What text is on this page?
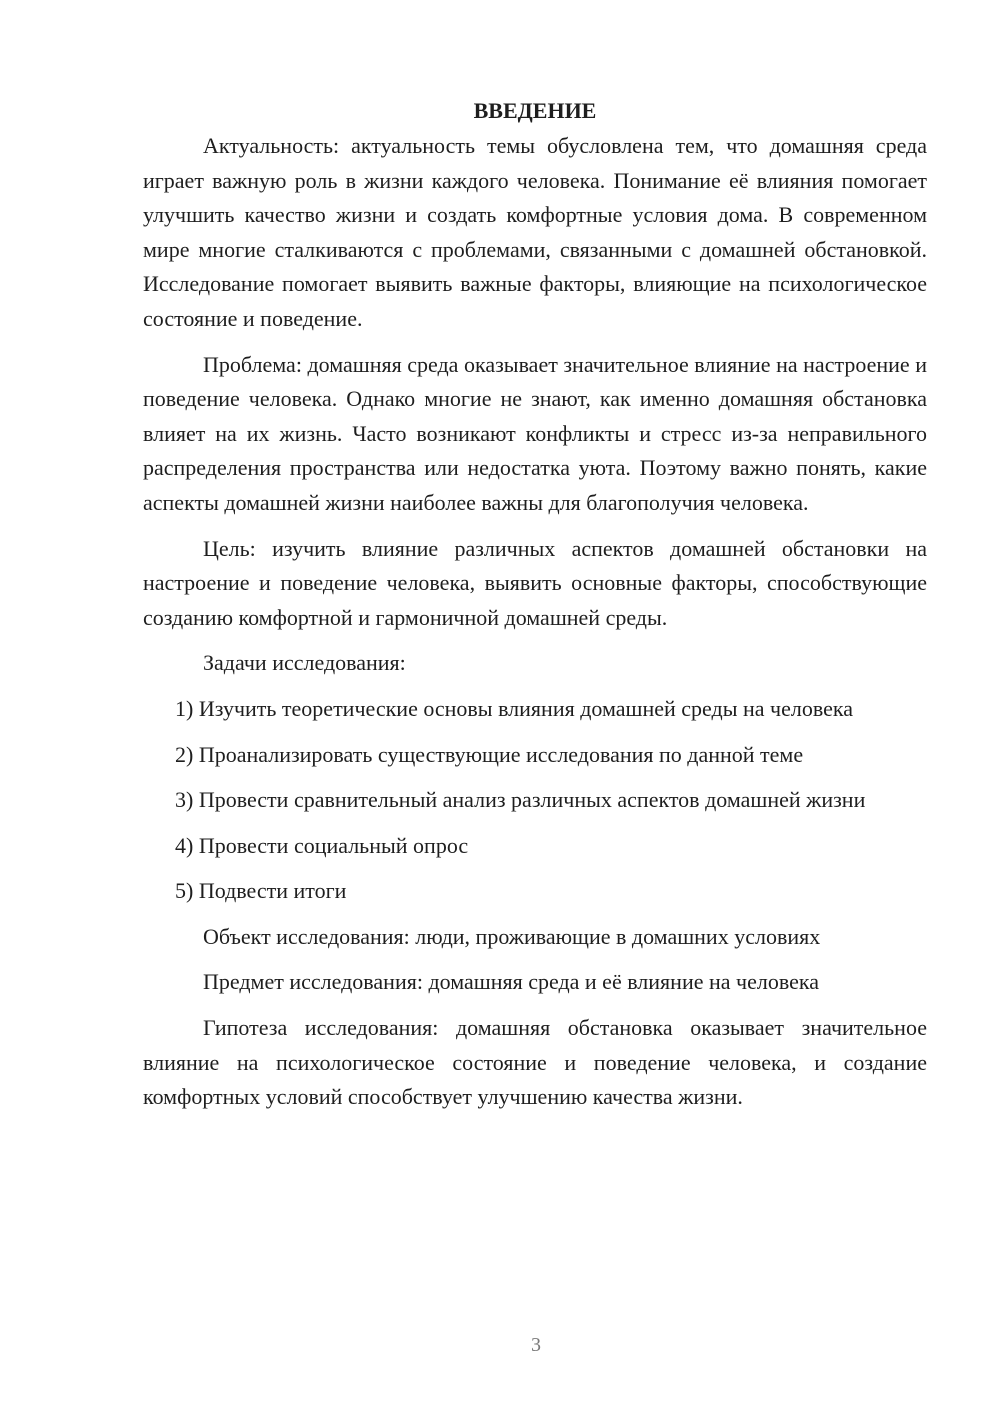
ВВЕДЕНИЕ

Актуальность: актуальность темы обусловлена тем, что домашняя среда играет важную роль в жизни каждого человека. Понимание её влияния помогает улучшить качество жизни и создать комфортные условия дома. В современном мире многие сталкиваются с проблемами, связанными с домашней обстановкой. Исследование помогает выявить важные факторы, влияющие на психологическое состояние и поведение.

Проблема: домашняя среда оказывает значительное влияние на настроение и поведение человека. Однако многие не знают, как именно домашняя обстановка влияет на их жизнь. Часто возникают конфликты и стресс из-за неправильного распределения пространства или недостатка уюта. Поэтому важно понять, какие аспекты домашней жизни наиболее важны для благополучия человека.

Цель: изучить влияние различных аспектов домашней обстановки на настроение и поведение человека, выявить основные факторы, способствующие созданию комфортной и гармоничной домашней среды.

Задачи исследования:

1) Изучить теоретические основы влияния домашней среды на человека

2) Проанализировать существующие исследования по данной теме

3) Провести сравнительный анализ различных аспектов домашней жизни

4) Провести социальный опрос

5) Подвести итоги

Объект исследования: люди, проживающие в домашних условиях

Предмет исследования: домашняя среда и её влияние на человека

Гипотеза исследования: домашняя обстановка оказывает значительное влияние на психологическое состояние и поведение человека, и создание комфортных условий способствует улучшению качества жизни.

3
